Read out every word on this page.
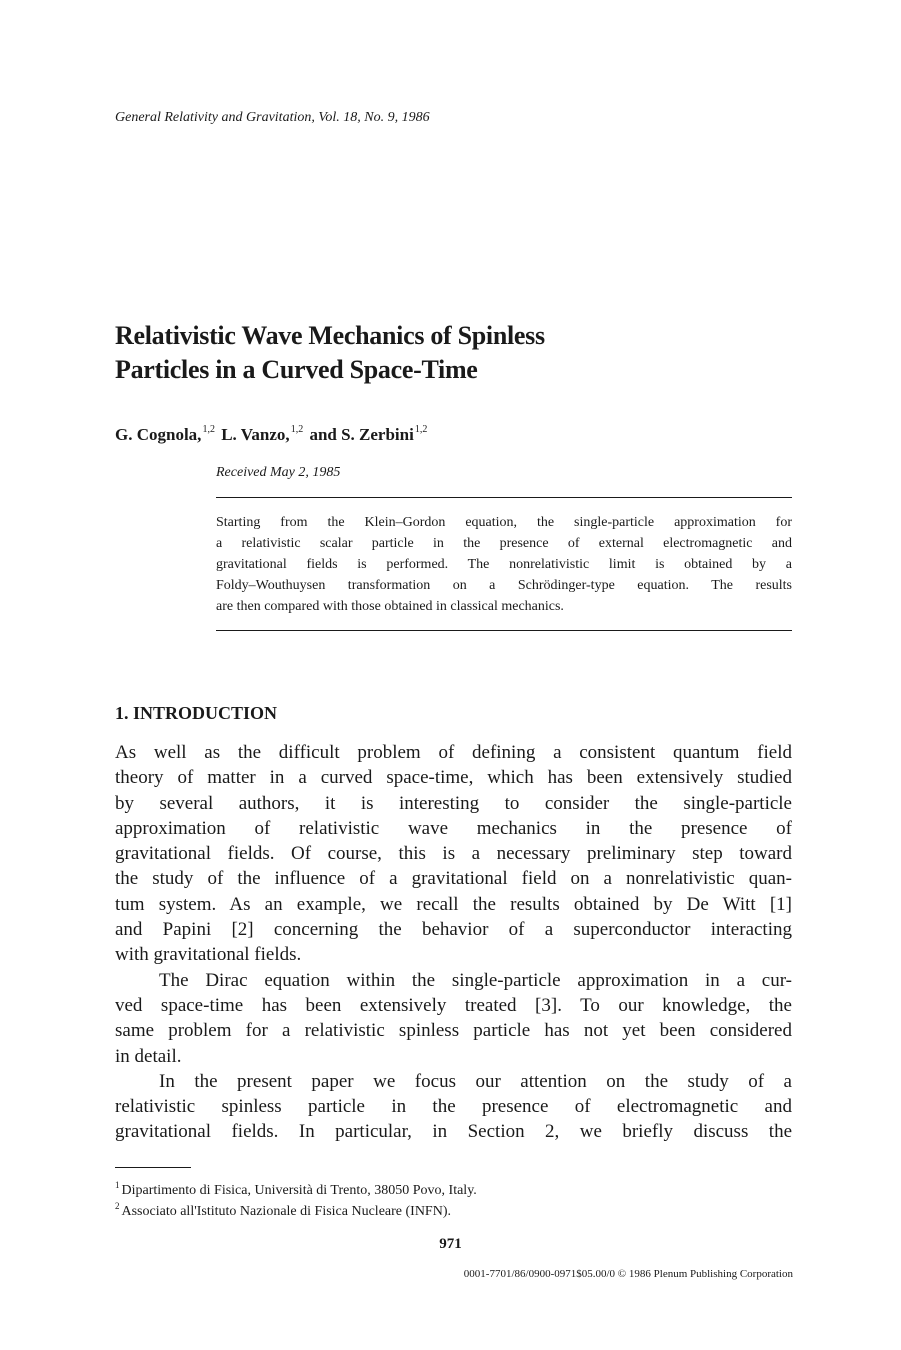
General Relativity and Gravitation, Vol. 18, No. 9, 1986
Relativistic Wave Mechanics of Spinless
Particles in a Curved Space-Time
G. Cognola,$^{1,2}$ L. Vanzo,$^{1,2}$ and S. Zerbini$^{1,2}$
Received May 2, 1985
Starting from the Klein–Gordon equation, the single-particle approximation for
a relativistic scalar particle in the presence of external electromagnetic and
gravitational fields is performed. The nonrelativistic limit is obtained by a
Foldy–Wouthuysen transformation on a Schrödinger-type equation. The results
are then compared with those obtained in classical mechanics.
1. INTRODUCTION
As well as the difficult problem of defining a consistent quantum field
theory of matter in a curved space-time, which has been extensively studied
by several authors, it is interesting to consider the single-particle
approximation of relativistic wave mechanics in the presence of
gravitational fields. Of course, this is a necessary preliminary step toward
the study of the influence of a gravitational field on a nonrelativistic quan-
tum system. As an example, we recall the results obtained by De Witt [1]
and Papini [2] concerning the behavior of a superconductor interacting
with gravitational fields.
The Dirac equation within the single-particle approximation in a cur-
ved space-time has been extensively treated [3]. To our knowledge, the
same problem for a relativistic spinless particle has not yet been considered
in detail.
In the present paper we focus our attention on the study of a
relativistic spinless particle in the presence of electromagnetic and
gravitational fields. In particular, in Section 2, we briefly discuss the
$^1$ Dipartimento di Fisica, Università di Trento, 38050 Povo, Italy.
$^2$ Associato all'Istituto Nazionale di Fisica Nucleare (INFN).
971
0001-7701/86/0900-0971$05.00/0 © 1986 Plenum Publishing Corporation
